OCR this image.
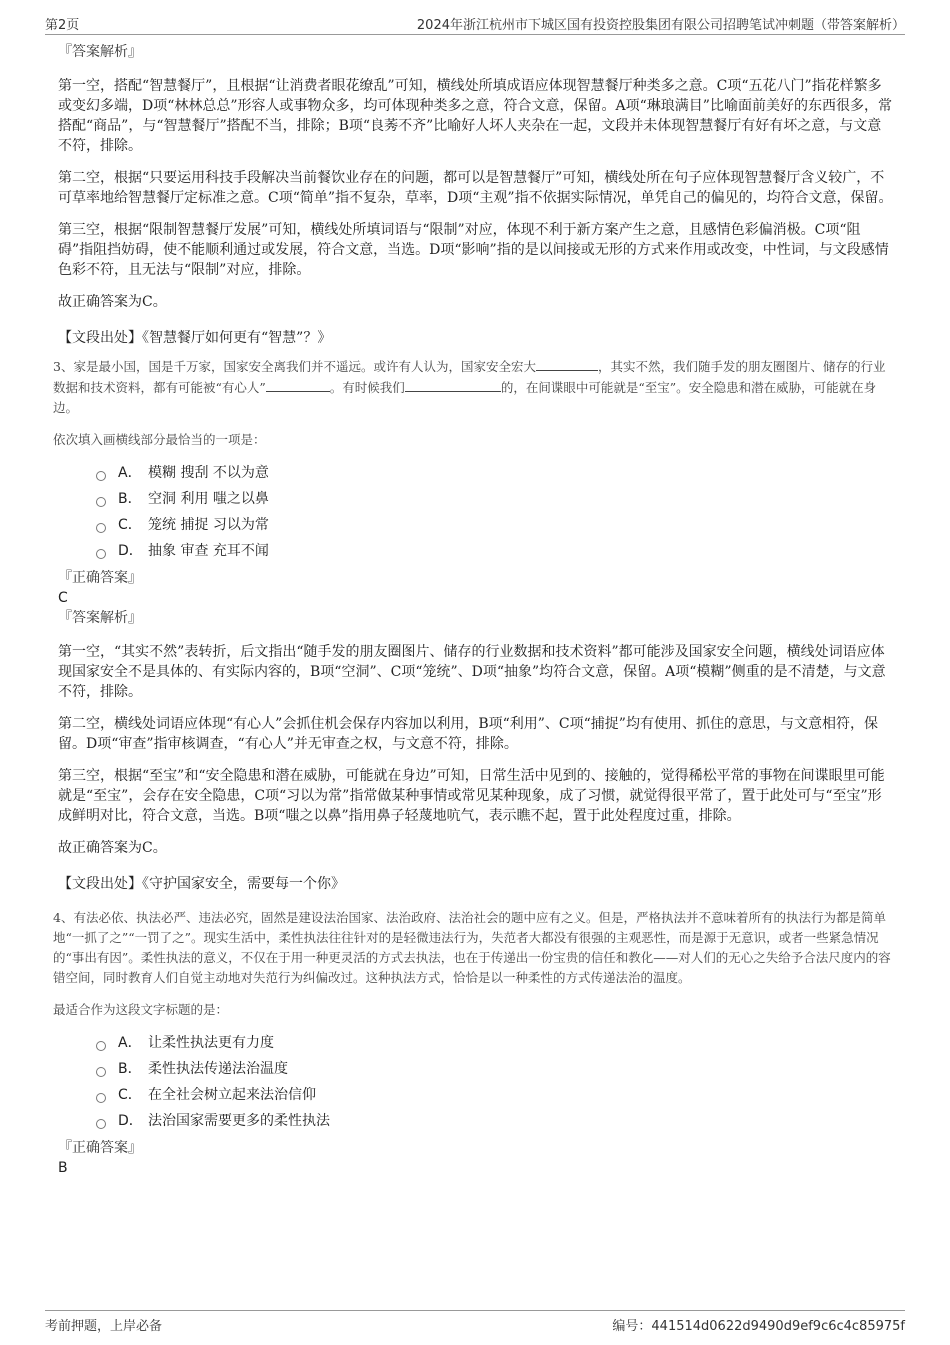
第2页	2024年浙江杭州市下城区国有投资控股集团有限公司招聘笔试冲刺题（带答案解析）

『答案解析』

第一空，搭配“智慧餐厅”，且根据“让消费者眼花缭乱”可知，横线处所填成语应体现智慧餐厅种类多之意。C项“五花八门”指花样繁多或变幻多端，D项“林林总总”形容人或事物众多，均可体现种类多之意，符合文意，保留。A项“琳琅满目”比喻面前美好的东西很多，常搭配“商品”，与“智慧餐厅”搭配不当，排除；B项“良莠不齐”比喻好人坏人夹杂在一起，文段并未体现智慧餐厅有好有坏之意，与文意不符，排除。

第二空，根据“只要运用科技手段解决当前餐饮业存在的问题，都可以是智慧餐厅”可知，横线处所在句子应体现智慧餐厅含义较广，不可草率地给智慧餐厅定标准之意。C项“简单”指不复杂，草率，D项“主观”指不依据实际情况，单凭自己的偏见的，均符合文意，保留。

第三空，根据“限制智慧餐厅发展”可知，横线处所填词语与“限制”对应，体现不利于新方案产生之意，且感情色彩偏消极。C项“阻碍”指阻挡妨碍，使不能顺利通过或发展，符合文意，当选。D项“影响”指的是以间接或无形的方式来作用或改变，中性词，与文段感情色彩不符，且无法与“限制”对应，排除。

故正确答案为C。

【文段出处】《智慧餐厅如何更有“智慧”？》

3、家是最小国，国是千万家，国家安全离我们并不遥远。或许有人认为，国家安全宏大	，其实不然，我们随手发的朋友圈图片、储存的行业数据和技术资料，都有可能被“有心人”	。有时候我们	的，在间谍眼中可能就是“至宝”。安全隐患和潜在威胁，可能就在身边。

依次填入画横线部分最恰当的一项是：

A． 模糊 搜刮 不以为意
B． 空洞 利用 嗤之以鼻
C． 笼统 捕捉 习以为常
D． 抽象 审查 充耳不闻

『正确答案』

C

『答案解析』

第一空，“其实不然”表转折，后文指出“随手发的朋友圈图片、储存的行业数据和技术资料”都可能涉及国家安全问题，横线处词语应体现国家安全不是具体的、有实际内容的，B项“空洞”、C项“笼统”、D项“抽象”均符合文意，保留。A项“模糊”侧重的是不清楚，与文意不符，排除。

第二空，横线处词语应体现“有心人”会抓住机会保存内容加以利用，B项“利用”、C项“捕捉”均有使用、抓住的意思，与文意相符，保留。D项“审查”指审核调查，“有心人”并无审查之权，与文意不符，排除。

第三空，根据“至宝”和“安全隐患和潜在威胁，可能就在身边”可知，日常生活中见到的、接触的，觉得稀松平常的事物在间谍眼里可能就是“至宝”，会存在安全隐患，C项“习以为常”指常做某种事情或常见某种现象，成了习惯，就觉得很平常了，置于此处可与“至宝”形成鲜明对比，符合文意，当选。B项“嗤之以鼻”指用鼻子轻蔑地吭气，表示瞧不起，置于此处程度过重，排除。

故正确答案为C。

【文段出处】《守护国家安全，需要每一个你》

4、有法必依、执法必严、违法必究，固然是建设法治国家、法治政府、法治社会的题中应有之义。但是，严格执法并不意味着所有的执法行为都是简单地“一抓了之”“一罚了之”。现实生活中，柔性执法往往针对的是轻微违法行为，失范者大都没有很强的主观恶性，而是源于无意识，或者一些紧急情况的“事出有因”。柔性执法的意义，不仅在于用一种更灵活的方式去执法，也在于传递出一份宝贵的信任和教化——对人们的无心之失给予合法尺度内的容错空间，同时教育人们自觉主动地对失范行为纠偏改过。这种执法方式，恰恰是以一种柔性的方式传递法治的温度。

最适合作为这段文字标题的是：

A． 让柔性执法更有力度
B． 柔性执法传递法治温度
C． 在全社会树立起来法治信仰
D． 法治国家需要更多的柔性执法

『正确答案』

B

考前押题，上岸必备	编号：441514d0622d9490d9ef9c6c4c85975f
